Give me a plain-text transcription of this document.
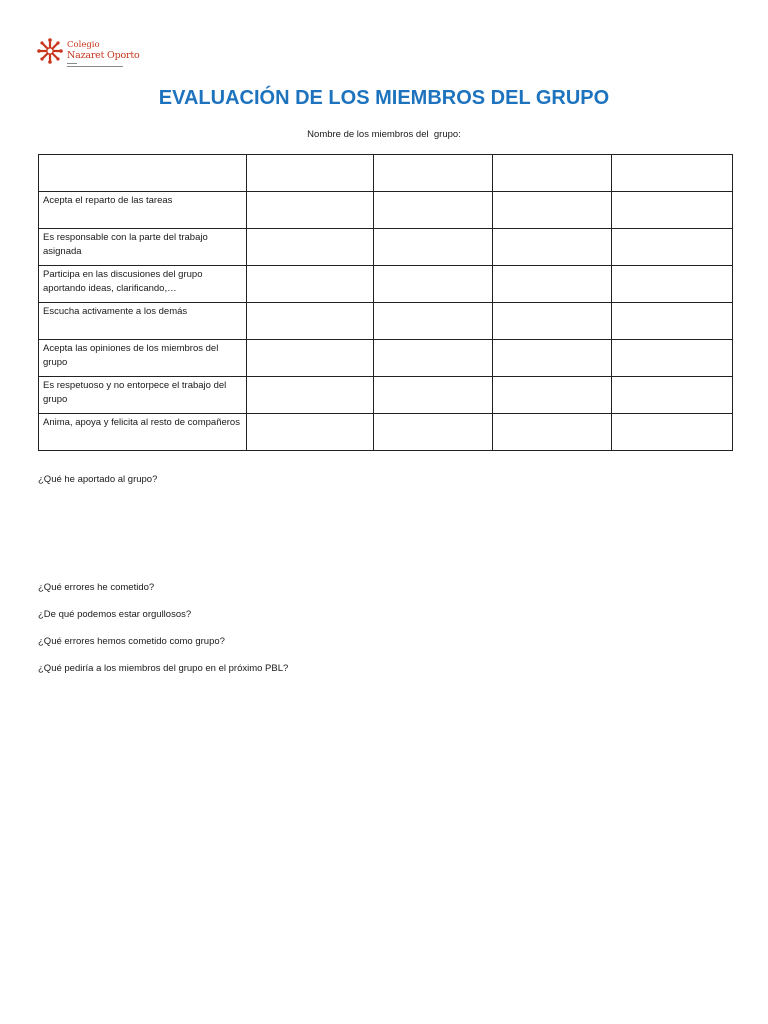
Colegio
Nazaret Oporto
EVALUACIÓN DE LOS MIEMBROS DEL GRUPO
Nombre de los miembros del  grupo:

Acepta el reparto de las tareas				
Es responsable con la parte del trabajo asignada				
Participa en las discusiones del grupo aportando ideas, clarificando,…				
Escucha activamente a los demás				
Acepta las opiniones de los miembros del grupo				
Es respetuoso y no entorpece el trabajo del grupo				
Anima, apoya y felicita al resto de compañeros				

¿Qué he aportado al grupo?

¿Qué errores he cometido?

¿De qué podemos estar orgullosos?

¿Qué errores hemos cometido como grupo?

¿Qué pediría a los miembros del grupo en el próximo PBL?
